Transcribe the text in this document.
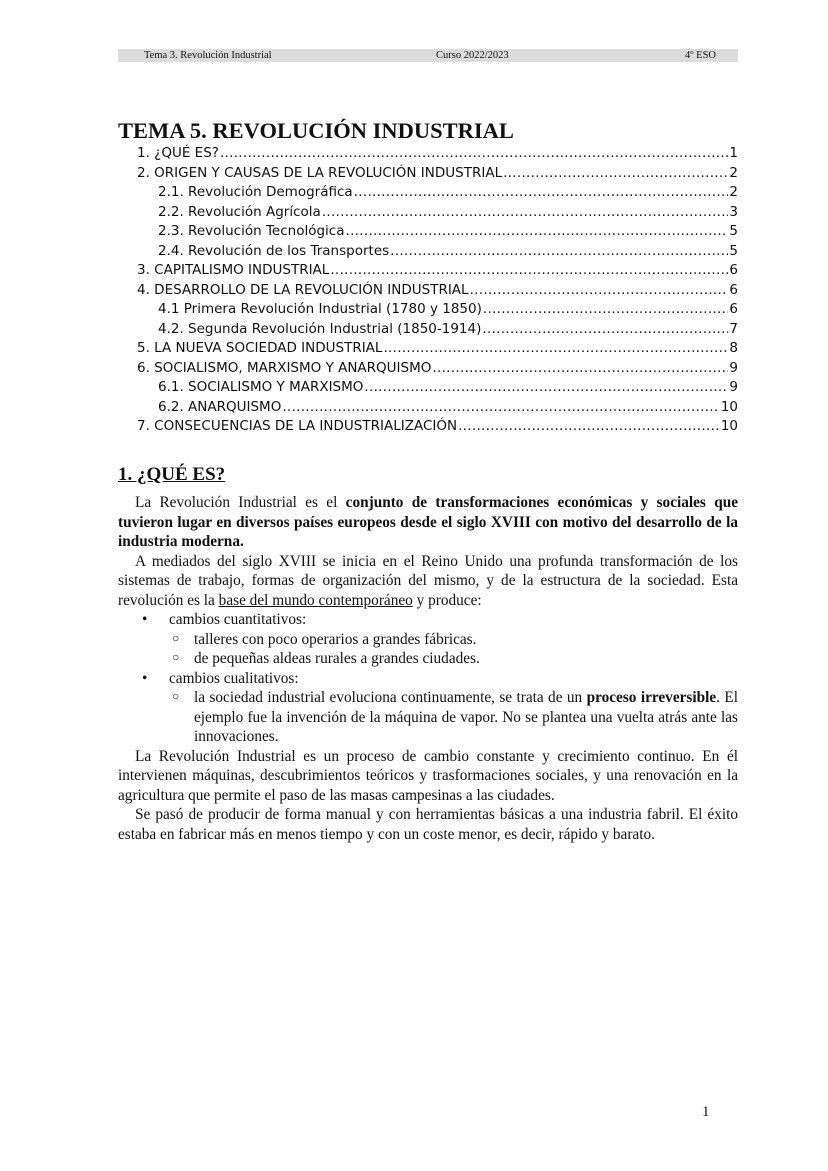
Tema 3. Revolución Industrial	Curso 2022/2023	4º ESO
TEMA 5. REVOLUCIÓN INDUSTRIAL
1. ¿QUÉ ES? .....	1
2. ORIGEN Y CAUSAS DE LA REVOLUCIÓN INDUSTRIAL .....	2
2.1. Revolución Demográfica .....	2
2.2. Revolución Agrícola .....	3
2.3. Revolución Tecnológica .....	5
2.4. Revolución de los Transportes .....	5
3. CAPITALISMO INDUSTRIAL .....	6
4. DESARROLLO DE LA REVOLUCIÓN INDUSTRIAL .....	6
4.1 Primera Revolución Industrial (1780 y 1850) .....	6
4.2. Segunda Revolución Industrial (1850-1914) .....	7
5. LA NUEVA SOCIEDAD INDUSTRIAL .....	8
6. SOCIALISMO, MARXISMO Y ANARQUISMO .....	9
6.1. SOCIALISMO Y MARXISMO .....	9
6.2. ANARQUISMO .....	10
7. CONSECUENCIAS DE LA INDUSTRIALIZACIÓN .....	10
1. ¿QUÉ ES?

La Revolución Industrial es el conjunto de transformaciones económicas y sociales que tuvieron lugar en diversos países europeos desde el siglo XVIII con motivo del desarrollo de la industria moderna.

A mediados del siglo XVIII se inicia en el Reino Unido una profunda transformación de los sistemas de trabajo, formas de organización del mismo, y de la estructura de la sociedad. Esta revolución es la base del mundo contemporáneo y produce:

• cambios cuantitativos:
○ talleres con poco operarios a grandes fábricas.
○ de pequeñas aldeas rurales a grandes ciudades.
• cambios cualitativos:
○ la sociedad industrial evoluciona continuamente, se trata de un proceso irreversible. El ejemplo fue la invención de la máquina de vapor. No se plantea una vuelta atrás ante las innovaciones.

La Revolución Industrial es un proceso de cambio constante y crecimiento continuo. En él intervienen máquinas, descubrimientos teóricos y trasformaciones sociales, y una renovación en la agricultura que permite el paso de las masas campesinas a las ciudades.

Se pasó de producir de forma manual y con herramientas básicas a una industria fabril. El éxito estaba en fabricar más en menos tiempo y con un coste menor, es decir, rápido y barato.

1
